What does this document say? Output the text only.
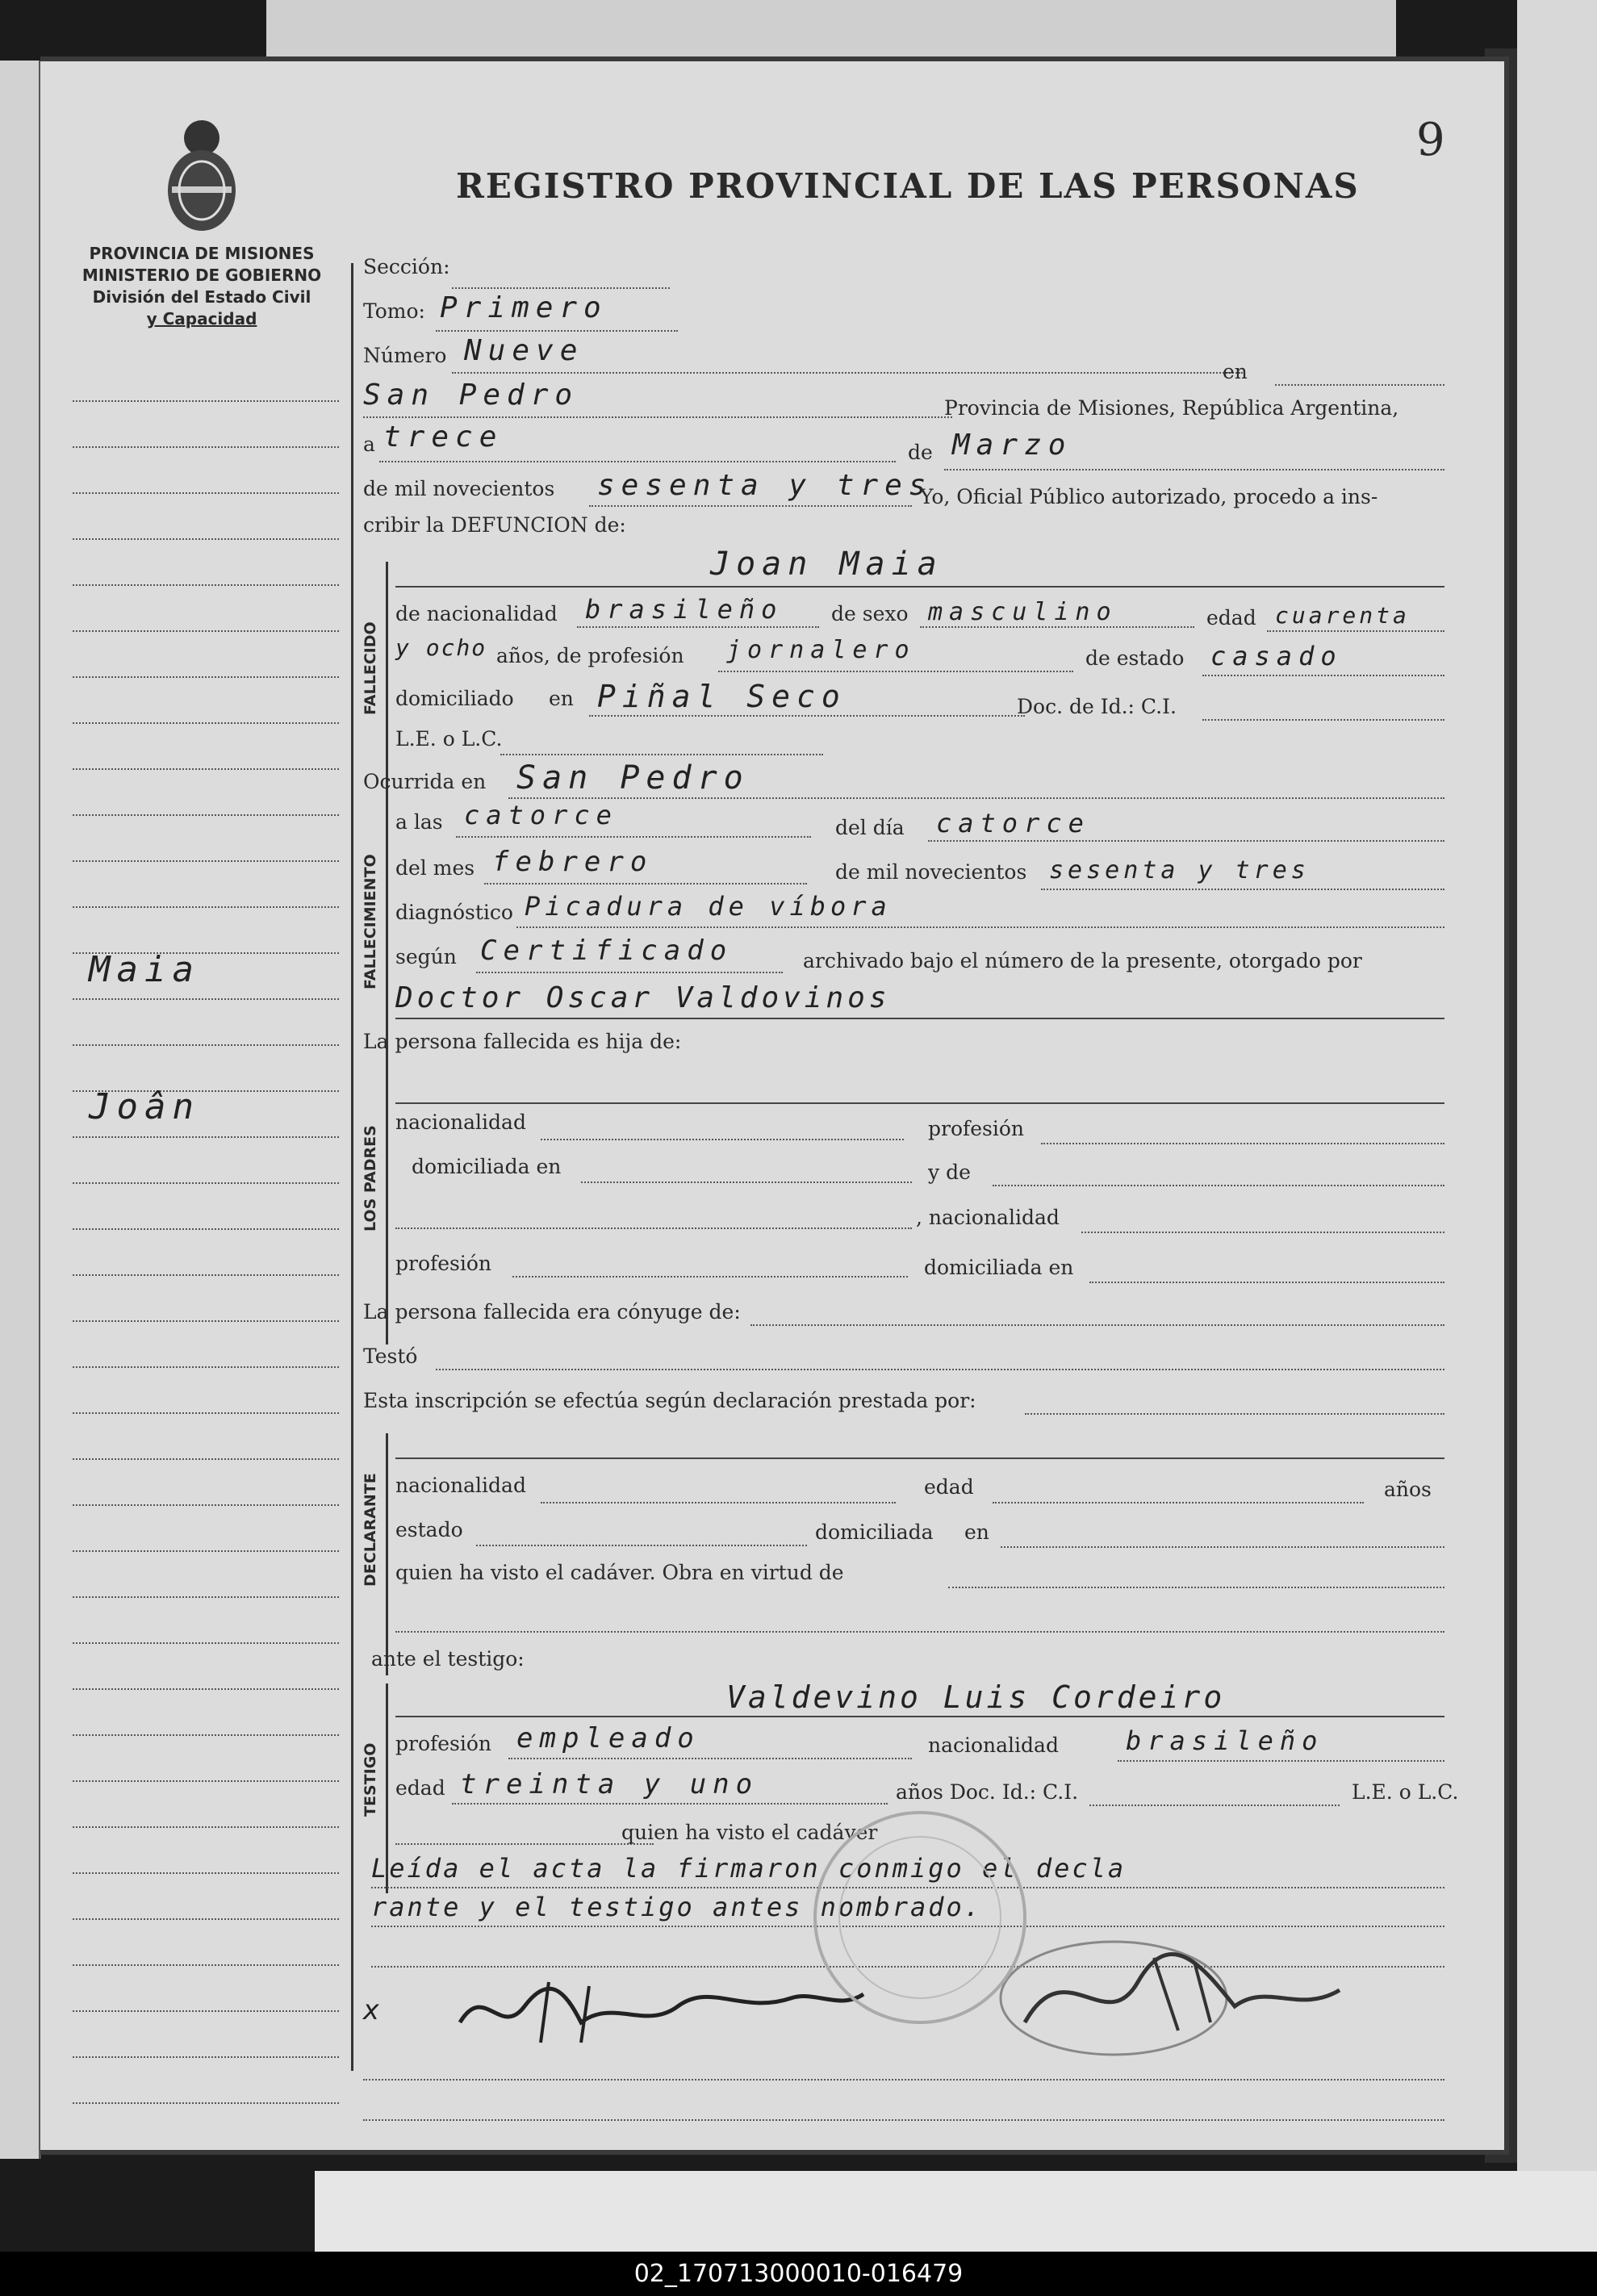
9
REGISTRO PROVINCIAL DE LAS PERSONAS
PROVINCIA DE MISIONES
MINISTERIO DE GOBIERNO
División del Estado Civil
y Capacidad
Maia
Joân
Sección:
Tomo: Primero
Número Nueve
en
San Pedro	Provincia de Misiones, República Argentina,
a trece	de Marzo
de mil novecientos sesenta y tres
Yo, Oficial Público autorizado, procedo a ins-
cribir la DEFUNCION de:
FALLECIDO
Joan Maia
de nacionalidad brasileño de sexo masculino	edad cuarenta
y ocho años, de profesión jornalero	de estado casado
domiciliado en Piñal Seco	Doc. de Id.: C.I.
L.E. o L.C.
Ocurrida en San Pedro
FALLECIMIENTO
a las catorce	del día catorce
del mes febrero	de mil novecientos sesenta y tres
diagnóstico Picadura de víbora
según Certificado	archivado bajo el número de la presente, otorgado por
Doctor Oscar Valdovinos
La persona fallecida es hija de:
LOS PADRES
nacionalidad	profesión
domiciliada en	y de
, nacionalidad
profesión	domiciliada en
La persona fallecida era cónyuge de:
Testó
Esta inscripción se efectúa según declaración prestada por:
DECLARANTE nacionalidad	edad	años
estado	domiciliada en
quien ha visto el cadáver. Obra en virtud de
ante el testigo:
TESTIGO
Valdevino Luis Cordeiro
profesión empleado	nacionalidad	brasileño
edad treinta y uno	años Doc. Id.: C.I.	L.E. o L.C.
quien ha visto el cadáver
Leída el acta la firmaron conmigo el decla
rante y el testigo antes nombrado.
x
02_170713000010-016479
